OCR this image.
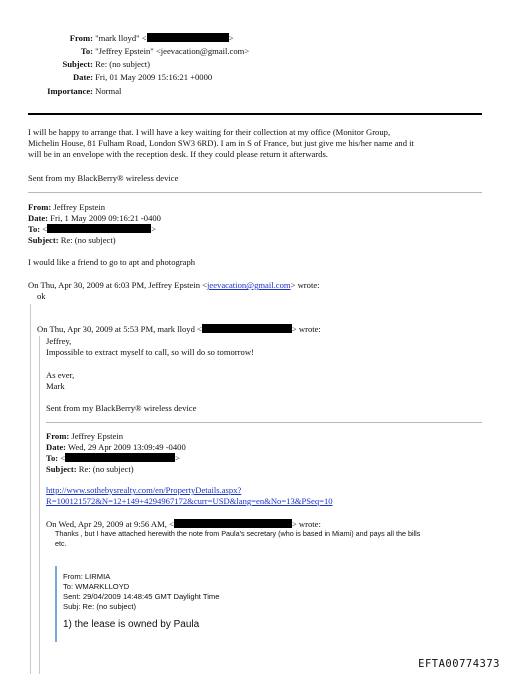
From: "mark lloyd" <	>
To: "Jeffrey Epstein" <jeevacation@gmail.com>
Subject: Re: (no subject)
Date: Fri, 01 May 2009 15:16:21 +0000
Importance: Normal
I will be happy to arrange that. I will have a key waiting for their collection at my office (Monitor Group,
Michelin House, 81 Fulham Road, London SW3 6RD). I am in S of France, but just give me his/her name and it
will be in an envelope with the reception desk. If they could please return it afterwards.
Sent from my BlackBerry® wireless device
From: Jeffrey Epstein
Date: Fri, 1 May 2009 09:16:21 -0400
To: <	>
Subject: Re: (no subject)
I would like a friend to go to apt and photograph
On Thu, Apr 30, 2009 at 6:03 PM, Jeffrey Epstein <jeevacation@gmail.com> wrote:
ok
On Thu, Apr 30, 2009 at 5:53 PM, mark lloyd <	> wrote:
Jeffrey,
Impossible to extract myself to call, so will do so tomorrow!
As ever,
Mark
Sent from my BlackBerry® wireless device
From: Jeffrey Epstein
Date: Wed, 29 Apr 2009 13:09:49 -0400
To: <	>
Subject: Re: (no subject)
http://www.sothebysrealty.com/en/PropertyDetails.aspx?
R=100121572&N=12+149+4294967172&curr=USD&lang=en&No=13&PSeq=10
On Wed, Apr 29, 2009 at 9:56 AM, <	> wrote:
Thanks , but I have attached herewith the note from Paula's secretary (who is based in Miami) and pays all the bills
etc.
From: LIRMIA
To: WMARKLLOYD
Sent: 29/04/2009 14:48:45 GMT Daylight Time
Subj: Re: (no subject)
1) the lease is owned by Paula
EFTA00774373
